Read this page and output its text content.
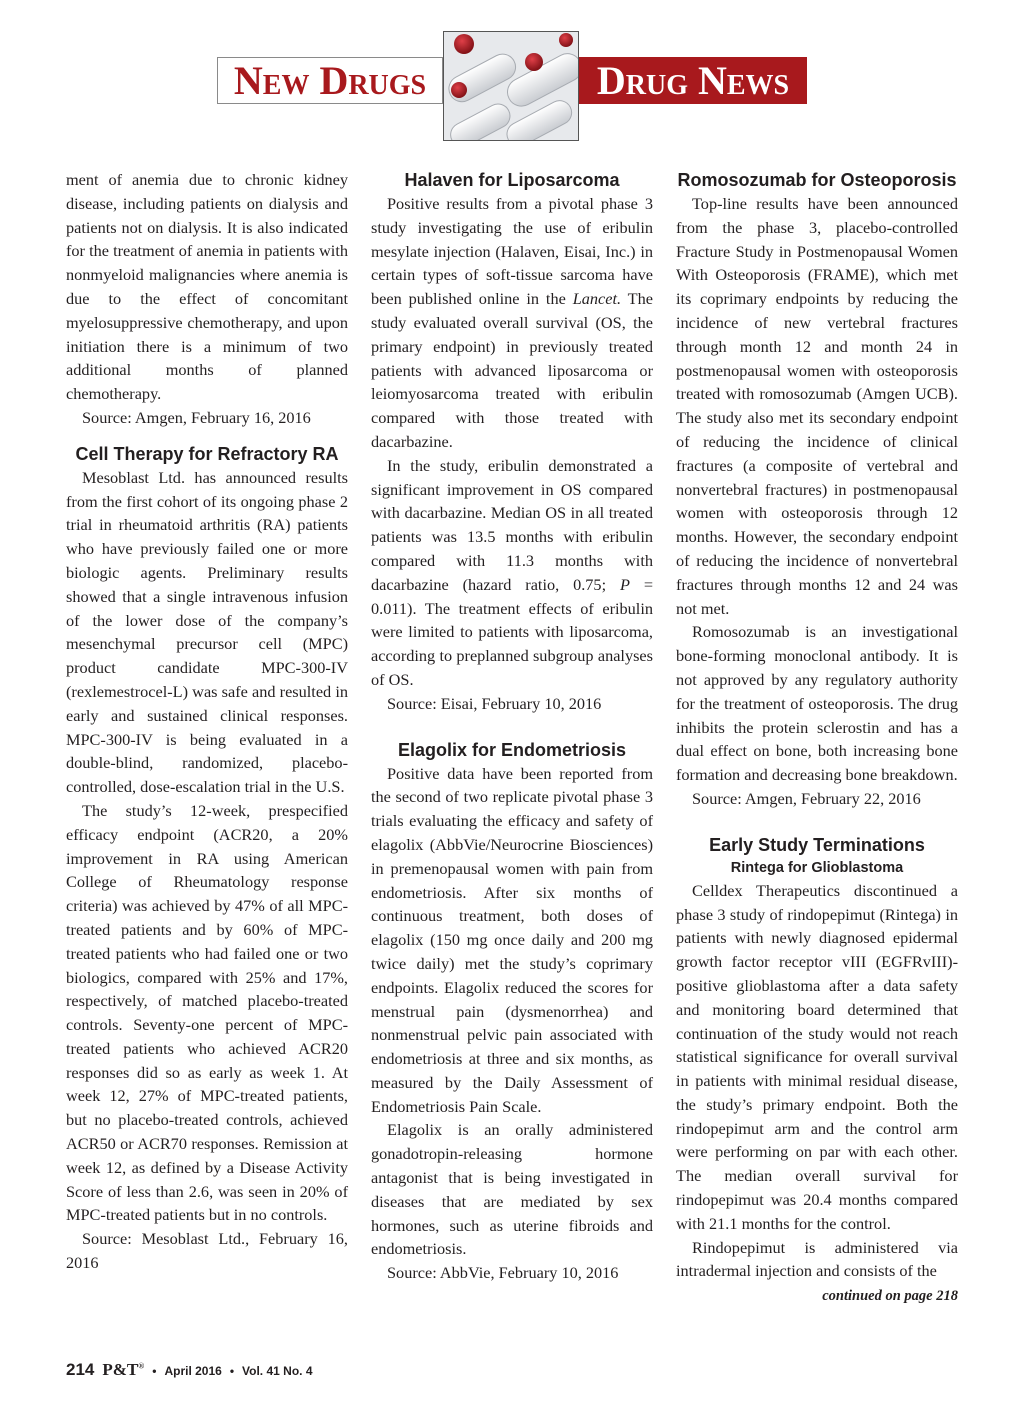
New Drugs	Drug News

ment of anemia due to chronic kidney disease, including patients on dialysis and patients not on dialysis. It is also indicated for the treatment of anemia in patients with nonmyeloid malignancies where anemia is due to the effect of concomitant myelosuppressive chemotherapy, and upon initiation there is a minimum of two additional months of planned chemotherapy.

Source: Amgen, February 16, 2016

Cell Therapy for Refractory RA

Mesoblast Ltd. has announced results from the first cohort of its ongoing phase 2 trial in rheumatoid arthritis (RA) patients who have previously failed one or more biologic agents. Preliminary results showed that a single intravenous infusion of the lower dose of the company’s mesenchymal precursor cell (MPC) product candidate MPC-300-IV (rexlemestrocel-L) was safe and resulted in early and sustained clinical responses. MPC-300-IV is being evaluated in a double-blind, randomized, placebo-controlled, dose-escalation trial in the U.S.

The study’s 12-week, prespecified efficacy endpoint (ACR20, a 20% improvement in RA using American College of Rheumatology response criteria) was achieved by 47% of all MPC-treated patients and by 60% of MPC-treated patients who had failed one or two biologics, compared with 25% and 17%, respectively, of matched placebo-treated controls. Seventy-one percent of MPC-treated patients who achieved ACR20 responses did so as early as week 1. At week 12, 27% of MPC-treated patients, but no placebo-treated controls, achieved ACR50 or ACR70 responses. Remission at week 12, as defined by a Disease Activity Score of less than 2.6, was seen in 20% of MPC-treated patients but in no controls.

Source: Mesoblast Ltd., February 16, 2016

Halaven for Liposarcoma

Positive results from a pivotal phase 3 study investigating the use of eribulin mesylate injection (Halaven, Eisai, Inc.) in certain types of soft-tissue sarcoma have been published online in the Lancet. The study evaluated overall survival (OS, the primary endpoint) in previously treated patients with advanced liposarcoma or leiomyosarcoma treated with eribulin compared with those treated with dacarbazine.

In the study, eribulin demonstrated a significant improvement in OS compared with dacarbazine. Median OS in all treated patients was 13.5 months with eribulin compared with 11.3 months with dacarbazine (hazard ratio, 0.75; P = 0.011). The treatment effects of eribulin were limited to patients with liposarcoma, according to preplanned subgroup analyses of OS.

Source: Eisai, February 10, 2016

Elagolix for Endometriosis

Positive data have been reported from the second of two replicate pivotal phase 3 trials evaluating the efficacy and safety of elagolix (AbbVie/Neurocrine Biosciences) in premenopausal women with pain from endometriosis. After six months of continuous treatment, both doses of elagolix (150 mg once daily and 200 mg twice daily) met the study’s coprimary endpoints. Elagolix reduced the scores for menstrual pain (dysmenorrhea) and nonmenstrual pelvic pain associated with endometriosis at three and six months, as measured by the Daily Assessment of Endometriosis Pain Scale.

Elagolix is an orally administered gonadotropin-releasing hormone antagonist that is being investigated in diseases that are mediated by sex hormones, such as uterine fibroids and endometriosis.

Source: AbbVie, February 10, 2016

Romosozumab for Osteoporosis

Top-line results have been announced from the phase 3, placebo-controlled Fracture Study in Postmenopausal Women With Osteoporosis (FRAME), which met its coprimary endpoints by reducing the incidence of new vertebral fractures through month 12 and month 24 in postmenopausal women with osteoporosis treated with romosozumab (Amgen UCB). The study also met its secondary endpoint of reducing the incidence of clinical fractures (a composite of vertebral and nonvertebral fractures) in postmenopausal women with osteoporosis through 12 months. However, the secondary endpoint of reducing the incidence of nonvertebral fractures through months 12 and 24 was not met.

Romosozumab is an investigational bone-forming monoclonal antibody. It is not approved by any regulatory authority for the treatment of osteoporosis. The drug inhibits the protein sclerostin and has a dual effect on bone, both increasing bone formation and decreasing bone breakdown.

Source: Amgen, February 22, 2016

Early Study Terminations
Rintega for Glioblastoma

Celldex Therapeutics discontinued a phase 3 study of rindopepimut (Rintega) in patients with newly diagnosed epidermal growth factor receptor vIII (EGFRvIII)-positive glioblastoma after a data safety and monitoring board determined that continuation of the study would not reach statistical significance for overall survival in patients with minimal residual disease, the study’s primary endpoint. Both the rindopepimut arm and the control arm were performing on par with each other. The median overall survival for rindopepimut was 20.4 months compared with 21.1 months for the control.

Rindopepimut is administered via intradermal injection and consists of the

continued on page 218
214 P&T® • April 2016 • Vol. 41 No. 4
